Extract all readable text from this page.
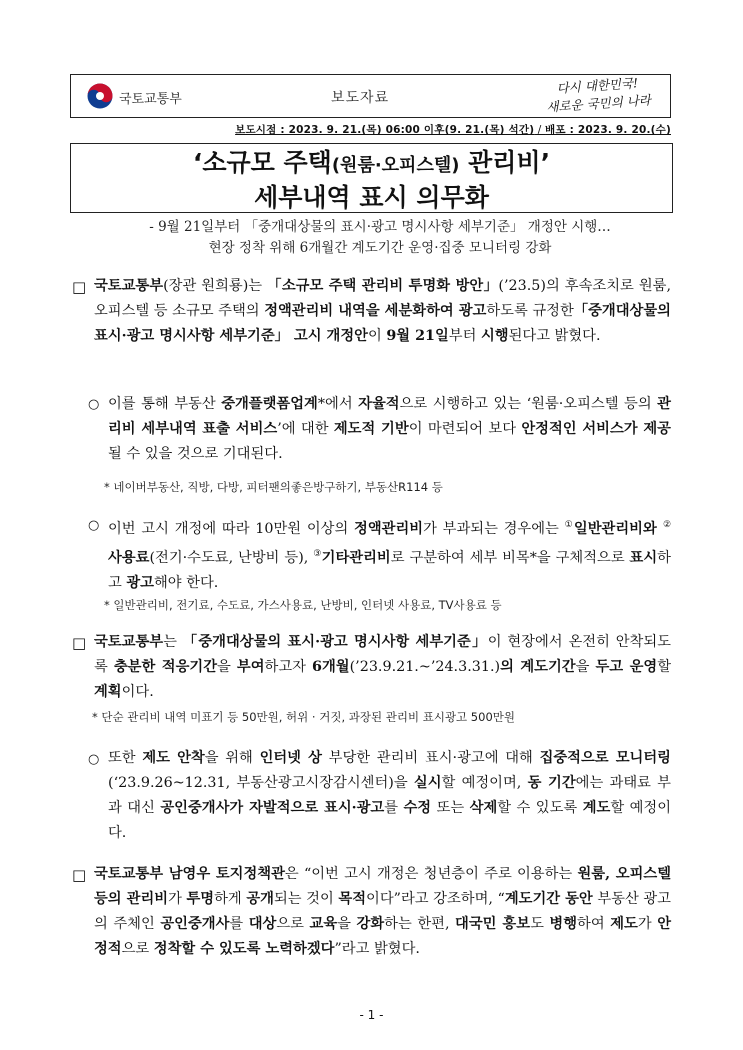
국토교통부	보도자료
다시 대한민국!
새로운 국민의 나라
보도시점 : 2023. 9. 21.(목) 06:00 이후(9. 21.(목) 석간) / 배포 : 2023. 9. 20.(수)
‘소규모 주택(원룸·오피스텔) 관리비’
세부내역 표시 의무화
- 9월 21일부터 「중개대상물의 표시·광고 명시사항 세부기준」 개정안 시행…
현장 정착 위해 6개월간 계도기간 운영·집중 모니터링 강화
□ 국토교통부(장관 원희룡)는 「소규모 주택 관리비 투명화 방안」(’23.5)의 후속조치로 원룸, 오피스텔 등 소규모 주택의 정액관리비 내역을 세분화하여 광고하도록 규정한「중개대상물의 표시·광고 명시사항 세부기준」 고시 개정안이 9월 21일부터 시행된다고 밝혔다.
○ 이를 통해 부동산 중개플랫폼업계*에서 자율적으로 시행하고 있는 ‘원룸·오피스텔 등의 관리비 세부내역 표출 서비스’에 대한 제도적 기반이 마련되어 보다 안정적인 서비스가 제공될 수 있을 것으로 기대된다.
* 네이버부동산, 직방, 다방, 피터팬의좋은방구하기, 부동산R114 등
○ 이번 고시 개정에 따라 10만원 이상의 정액관리비가 부과되는 경우에는 ①일반관리비와 ②사용료(전기·수도료, 난방비 등), ③기타관리비로 구분하여 세부 비목*을 구체적으로 표시하고 광고해야 한다.
* 일반관리비, 전기료, 수도료, 가스사용료, 난방비, 인터넷 사용료, TV사용료 등
□ 국토교통부는 「중개대상물의 표시·광고 명시사항 세부기준」이 현장에서 온전히 안착되도록 충분한 적응기간을 부여하고자 6개월(’23.9.21.~’24.3.31.)의 계도기간을 두고 운영할 계획이다.
* 단순 관리비 내역 미표기 등 50만원, 허위 · 거짓, 과장된 관리비 표시광고 500만원
○ 또한 제도 안착을 위해 인터넷 상 부당한 관리비 표시·광고에 대해 집중적으로 모니터링(‘23.9.26~12.31, 부동산광고시장감시센터)을 실시할 예정이며, 동 기간에는 과태료 부과 대신 공인중개사가 자발적으로 표시·광고를 수정 또는 삭제할 수 있도록 계도할 예정이다.
□ 국토교통부 남영우 토지정책관은 “이번 고시 개정은 청년층이 주로 이용하는 원룸, 오피스텔 등의 관리비가 투명하게 공개되는 것이 목적이다”라고 강조하며, “계도기간 동안 부동산 광고의 주체인 공인중개사를 대상으로 교육을 강화하는 한편, 대국민 홍보도 병행하여 제도가 안정적으로 정착할 수 있도록 노력하겠다”라고 밝혔다.
- 1 -
